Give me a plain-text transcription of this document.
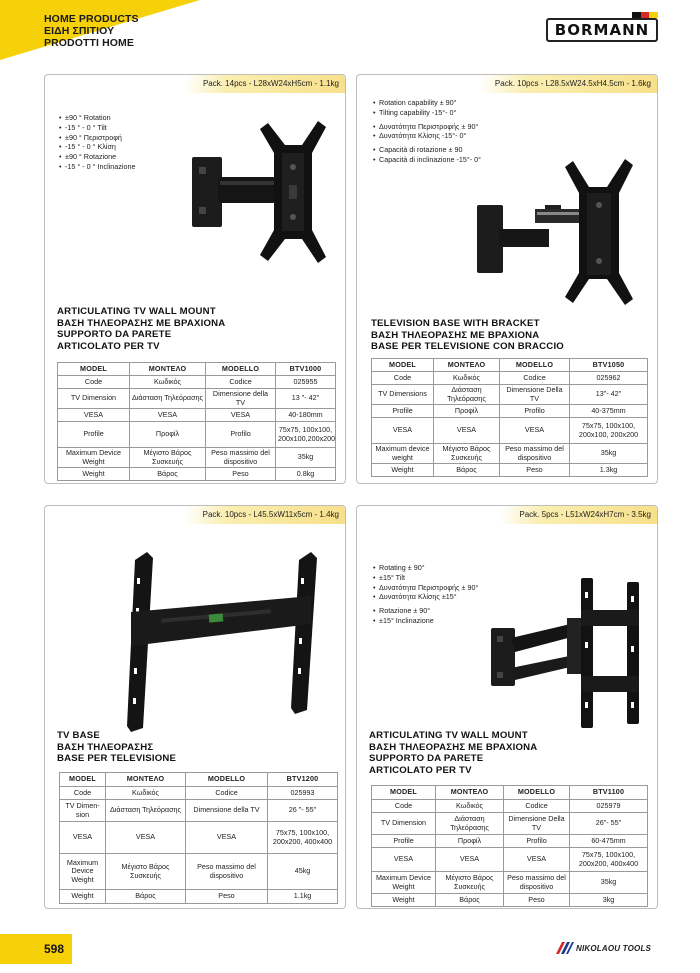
HOME PRODUCTS
ΕΙΔΗ ΣΠΙΤΙΟΥ
PRODOTTI HOME
BORMANN
Pack. 14pcs - L28xW24xH5cm - 1.1kg
• ±90 ° Rotation
• -15 ° - 0 ° Tilt
• ±90 ° Περιστροφή
• -15 ° - 0 ° Κλίση
• ±90 ° Rotazione
• -15 ° - 0 ° Inclinazione
ARTICULATING TV WALL MOUNT
ΒΑΣΗ ΤΗΛΕΟΡΑΣΗΣ ΜΕ ΒΡΑΧΙΟΝΑ
SUPPORTO DA PARETE
ARTICOLATO PER TV
MODEL	ΜΟΝΤΕΛΟ	MODELLO	BTV1000
Code	Κωδικός	Codice	025955
TV Dimension	Διάσταση Τηλεόρασης	Dimensione della TV	13 "- 42"
VESA	VESA	VESA	40-180mm
Profile	Προφίλ	Profilo	75x75, 100x100, 200x100,200x200
Maximum Device Weight	Μέγιστο Βάρος Συσκευής	Peso massimo del dispositivo	35kg
Weight	Βάρος	Peso	0.8kg
Pack. 10pcs - L28.5xW24.5xH4.5cm - 1.6kg
• Rotation capability ± 90°
• Tilting capability -15°- 0°
• Δυνατότητα Περιστροφής ± 90°
• Δυνατότητα Κλίσης -15°- 0°
• Capacità di rotazione ± 90
• Capacità di inclinazione -15°- 0°
TELEVISION BASE WITH BRACKET
ΒΑΣΗ ΤΗΛΕΟΡΑΣΗΣ ΜΕ ΒΡΑΧΙΟΝΑ
BASE PER TELEVISIONE CON BRACCIO
MODEL	ΜΟΝΤΕΛΟ	MODELLO	BTV1050
Code	Κωδικός	Codice	025962
TV Dimensions	Διάσταση Τηλεόρασης	Dimensione Della TV	13"- 42"
Profile	Προφίλ	Profilo	40-375mm
VESA	VESA	VESA	75x75, 100x100, 200x100, 200x200
Maximum device weight	Μέγιστο Βάρος Συσκευής	Peso massimo del dispositivo	35kg
Weight	Βάρος	Peso	1.3kg
Pack. 10pcs - L45.5xW11x5cm - 1.4kg
TV BASE
ΒΑΣΗ ΤΗΛΕΟΡΑΣΗΣ
BASE PER TELEVISIONE
MODEL	ΜΟΝΤΕΛΟ	MODELLO	BTV1200
Code	Κωδικός	Codice	025993
TV Dimen- sion	Διάσταση Τηλεόρασης	Dimensione della TV	26 "- 55"
VESA	VESA	VESA	75x75, 100x100, 200x200, 400x400
Maximum Device Weight	Μέγιστο Βάρος Συσκευής	Peso massimo del dispositivo	45kg
Weight	Βάρος	Peso	1.1kg
Pack. 5pcs - L51xW24xH7cm - 3.5kg
• Rotating ± 90°
• ±15° Tilt
• Δυνατότητα Περιστροφής ± 90°
• Δυνατότητα Κλίσης ±15°
• Rotazione ± 90°
• ±15° Inclinazione
ARTICULATING TV WALL MOUNT
ΒΑΣΗ ΤΗΛΕΟΡΑΣΗΣ ΜΕ ΒΡΑΧΙΟΝΑ
SUPPORTO DA PARETE
ARTICOLATO PER TV
MODEL	ΜΟΝΤΕΛΟ	MODELLO	BTV1100
Code	Κωδικός	Codice	025979
TV Dimension	Διάσταση Τηλεόρασης	Dimensione Della TV	26"- 55"
Profile	Προφίλ	Profilo	60-475mm
VESA	VESA	VESA	75x75, 100x100, 200x200, 400x400
Maximum Device Weight	Μέγιστο Βάρος Συσκευής	Peso massimo del dispositivo	35kg
Weight	Βάρος	Peso	3kg
598	NIKOLAOU TOOLS
